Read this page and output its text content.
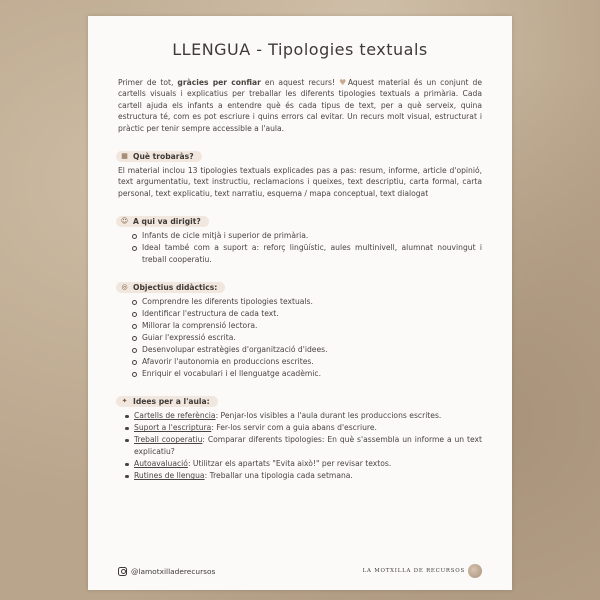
LLENGUA - Tipologies textuals

Primer de tot, gràcies per confiar en aquest recurs! ♥Aquest material és un conjunt de cartells visuals i explicatius per treballar les diferents tipologies textuals a primària. Cada cartell ajuda els infants a entendre què és cada tipus de text, per a què serveix, quina estructura té, com es pot escriure i quins errors cal evitar. Un recurs molt visual, estructurat i pràctic per tenir sempre accessible a l'aula.

▦ Què trobaràs?

El material inclou 13 tipologies textuals explicades pas a pas: resum, informe, article d'opinió, text argumentatiu, text instructiu, reclamacions i queixes, text descriptiu, carta formal, carta personal, text explicatiu, text narratiu, esquema / mapa conceptual, text dialogat

☺ A qui va dirigit?
Infants de cicle mitjà i superior de primària.
Ideal també com a suport a: reforç lingüístic, aules multinivell, alumnat nouvingut i treball cooperatiu.
◎ Objectius didàctics:
Comprendre les diferents tipologies textuals.
Identificar l'estructura de cada text.
Millorar la comprensió lectora.
Guiar l'expressió escrita.
Desenvolupar estratègies d'organització d'idees.
Afavorir l'autonomia en produccions escrites.
Enriquir el vocabulari i el llenguatge acadèmic.
✦ Idees per a l'aula:
Cartells de referència: Penjar-los visibles a l'aula durant les produccions escrites.
Suport a l'escriptura: Fer-los servir com a guia abans d'escriure.
Treball cooperatiu: Comparar diferents tipologies: En què s'assembla un informe a un text explicatiu?
Autoavaluació: Utilitzar els apartats "Evita això!" per revisar textos.
Rutines de llengua: Treballar una tipologia cada setmana.
@lamotxilladerecursos	LA MOTXILLA DE RECURSOS
